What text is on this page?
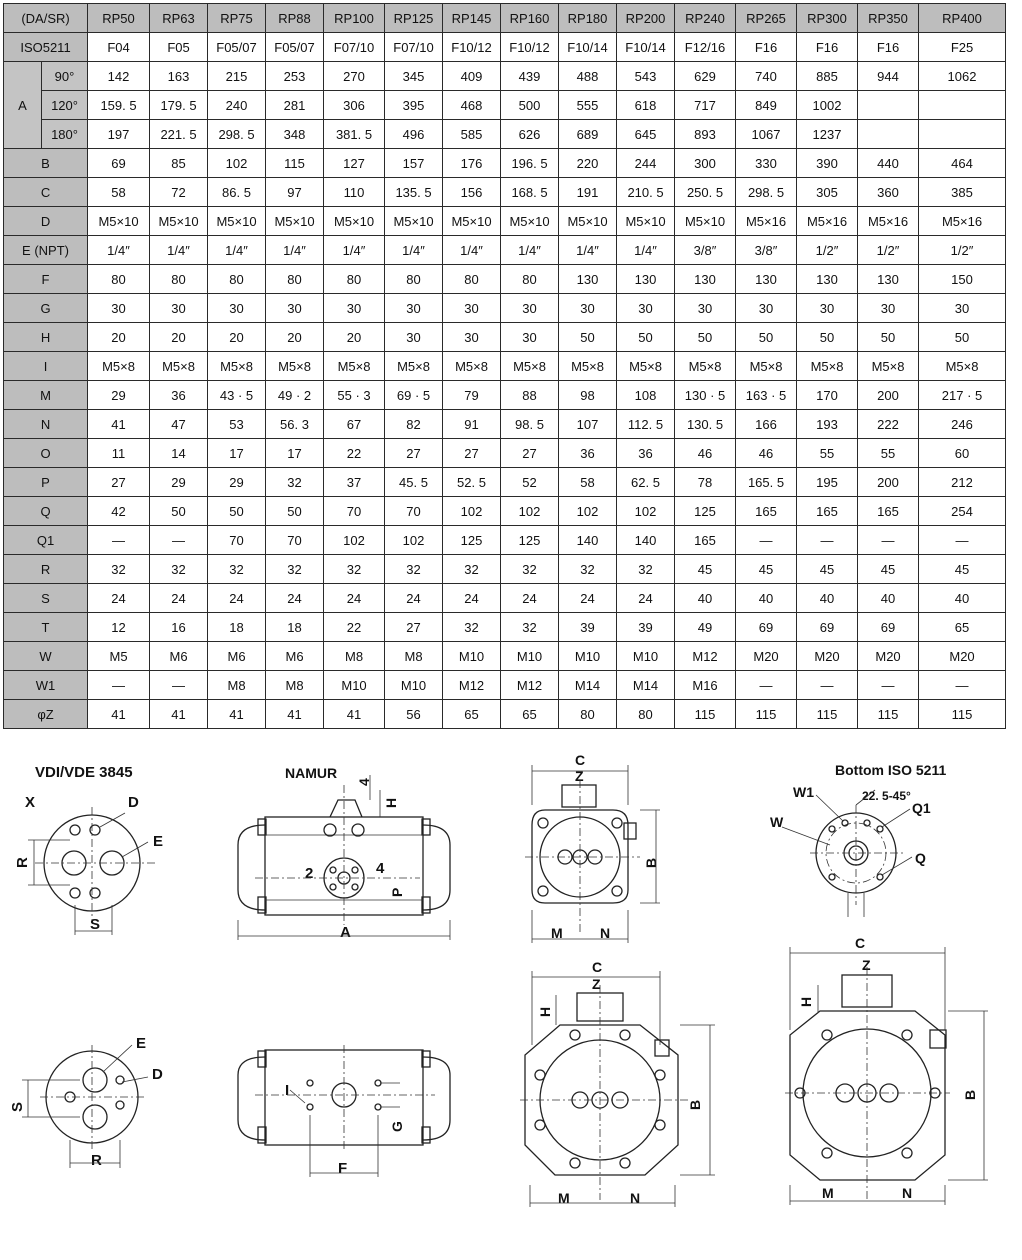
(DA/SR)		RP50	RP63	RP75	RP88	RP100	RP125	RP145	RP160	RP180	RP200	RP240	RP265	RP300	RP350	RP400
ISO5211		F04	F05	F05/07	F05/07	F07/10	F07/10	F10/12	F10/12	F10/14	F10/14	F12/16	F16	F16	F16	F25
A	90°	142	163	215	253	270	345	409	439	488	543	629	740	885	944	1062
	120°	159. 5	179. 5	240	281	306	395	468	500	555	618	717	849	1002		
	180°	197	221. 5	298. 5	348	381. 5	496	585	626	689	645	893	1067	1237		
B		69	85	102	115	127	157	176	196. 5	220	244	300	330	390	440	464
C		58	72	86. 5	97	110	135. 5	156	168. 5	191	210. 5	250. 5	298. 5	305	360	385
D		M5×10	M5×10	M5×10	M5×10	M5×10	M5×10	M5×10	M5×10	M5×10	M5×10	M5×10	M5×16	M5×16	M5×16	M5×16
E (NPT)		1/4″	1/4″	1/4″	1/4″	1/4″	1/4″	1/4″	1/4″	1/4″	1/4″	3/8″	3/8″	1/2″	1/2″	1/2″
F		80	80	80	80	80	80	80	80	130	130	130	130	130	130	150
G		30	30	30	30	30	30	30	30	30	30	30	30	30	30	30
H		20	20	20	20	20	30	30	30	50	50	50	50	50	50	50
I		M5×8	M5×8	M5×8	M5×8	M5×8	M5×8	M5×8	M5×8	M5×8	M5×8	M5×8	M5×8	M5×8	M5×8	M5×8
M		29	36	43 · 5	49 · 2	55 · 3	69 · 5	79	88	98	108	130 · 5	163 · 5	170	200	217 · 5
N		41	47	53	56. 3	67	82	91	98. 5	107	112. 5	130. 5	166	193	222	246
O		11	14	17	17	22	27	27	27	36	36	46	46	55	55	60
P		27	29	29	32	37	45. 5	52. 5	52	58	62. 5	78	165. 5	195	200	212
Q		42	50	50	50	70	70	102	102	102	102	125	165	165	165	254
Q1		—	—	70	70	102	102	125	125	140	140	165	—	—	—	—
R		32	32	32	32	32	32	32	32	32	32	45	45	45	45	45
S		24	24	24	24	24	24	24	24	24	24	40	40	40	40	40
T		12	16	18	18	22	27	32	32	39	39	49	69	69	69	65
W		M5	M6	M6	M6	M8	M8	M10	M10	M10	M10	M12	M20	M20	M20	M20
W1		—	—	M8	M8	M10	M10	M12	M12	M14	M14	M16	—	—	—	—
φZ		41	41	41	41	41	56	65	65	80	80	115	115	115	115	115
VDI/VDE 3845
X	D
E
R
S
E
D
S
R
NAMUR
4
H
2	4
P
A
I
G
F
C
Z
B
M	N
C
Z
H
B
M	N
Bottom ISO 5211
W1	22. 5-45°
Q1
W
Q
C
Z
H
B
M	N
